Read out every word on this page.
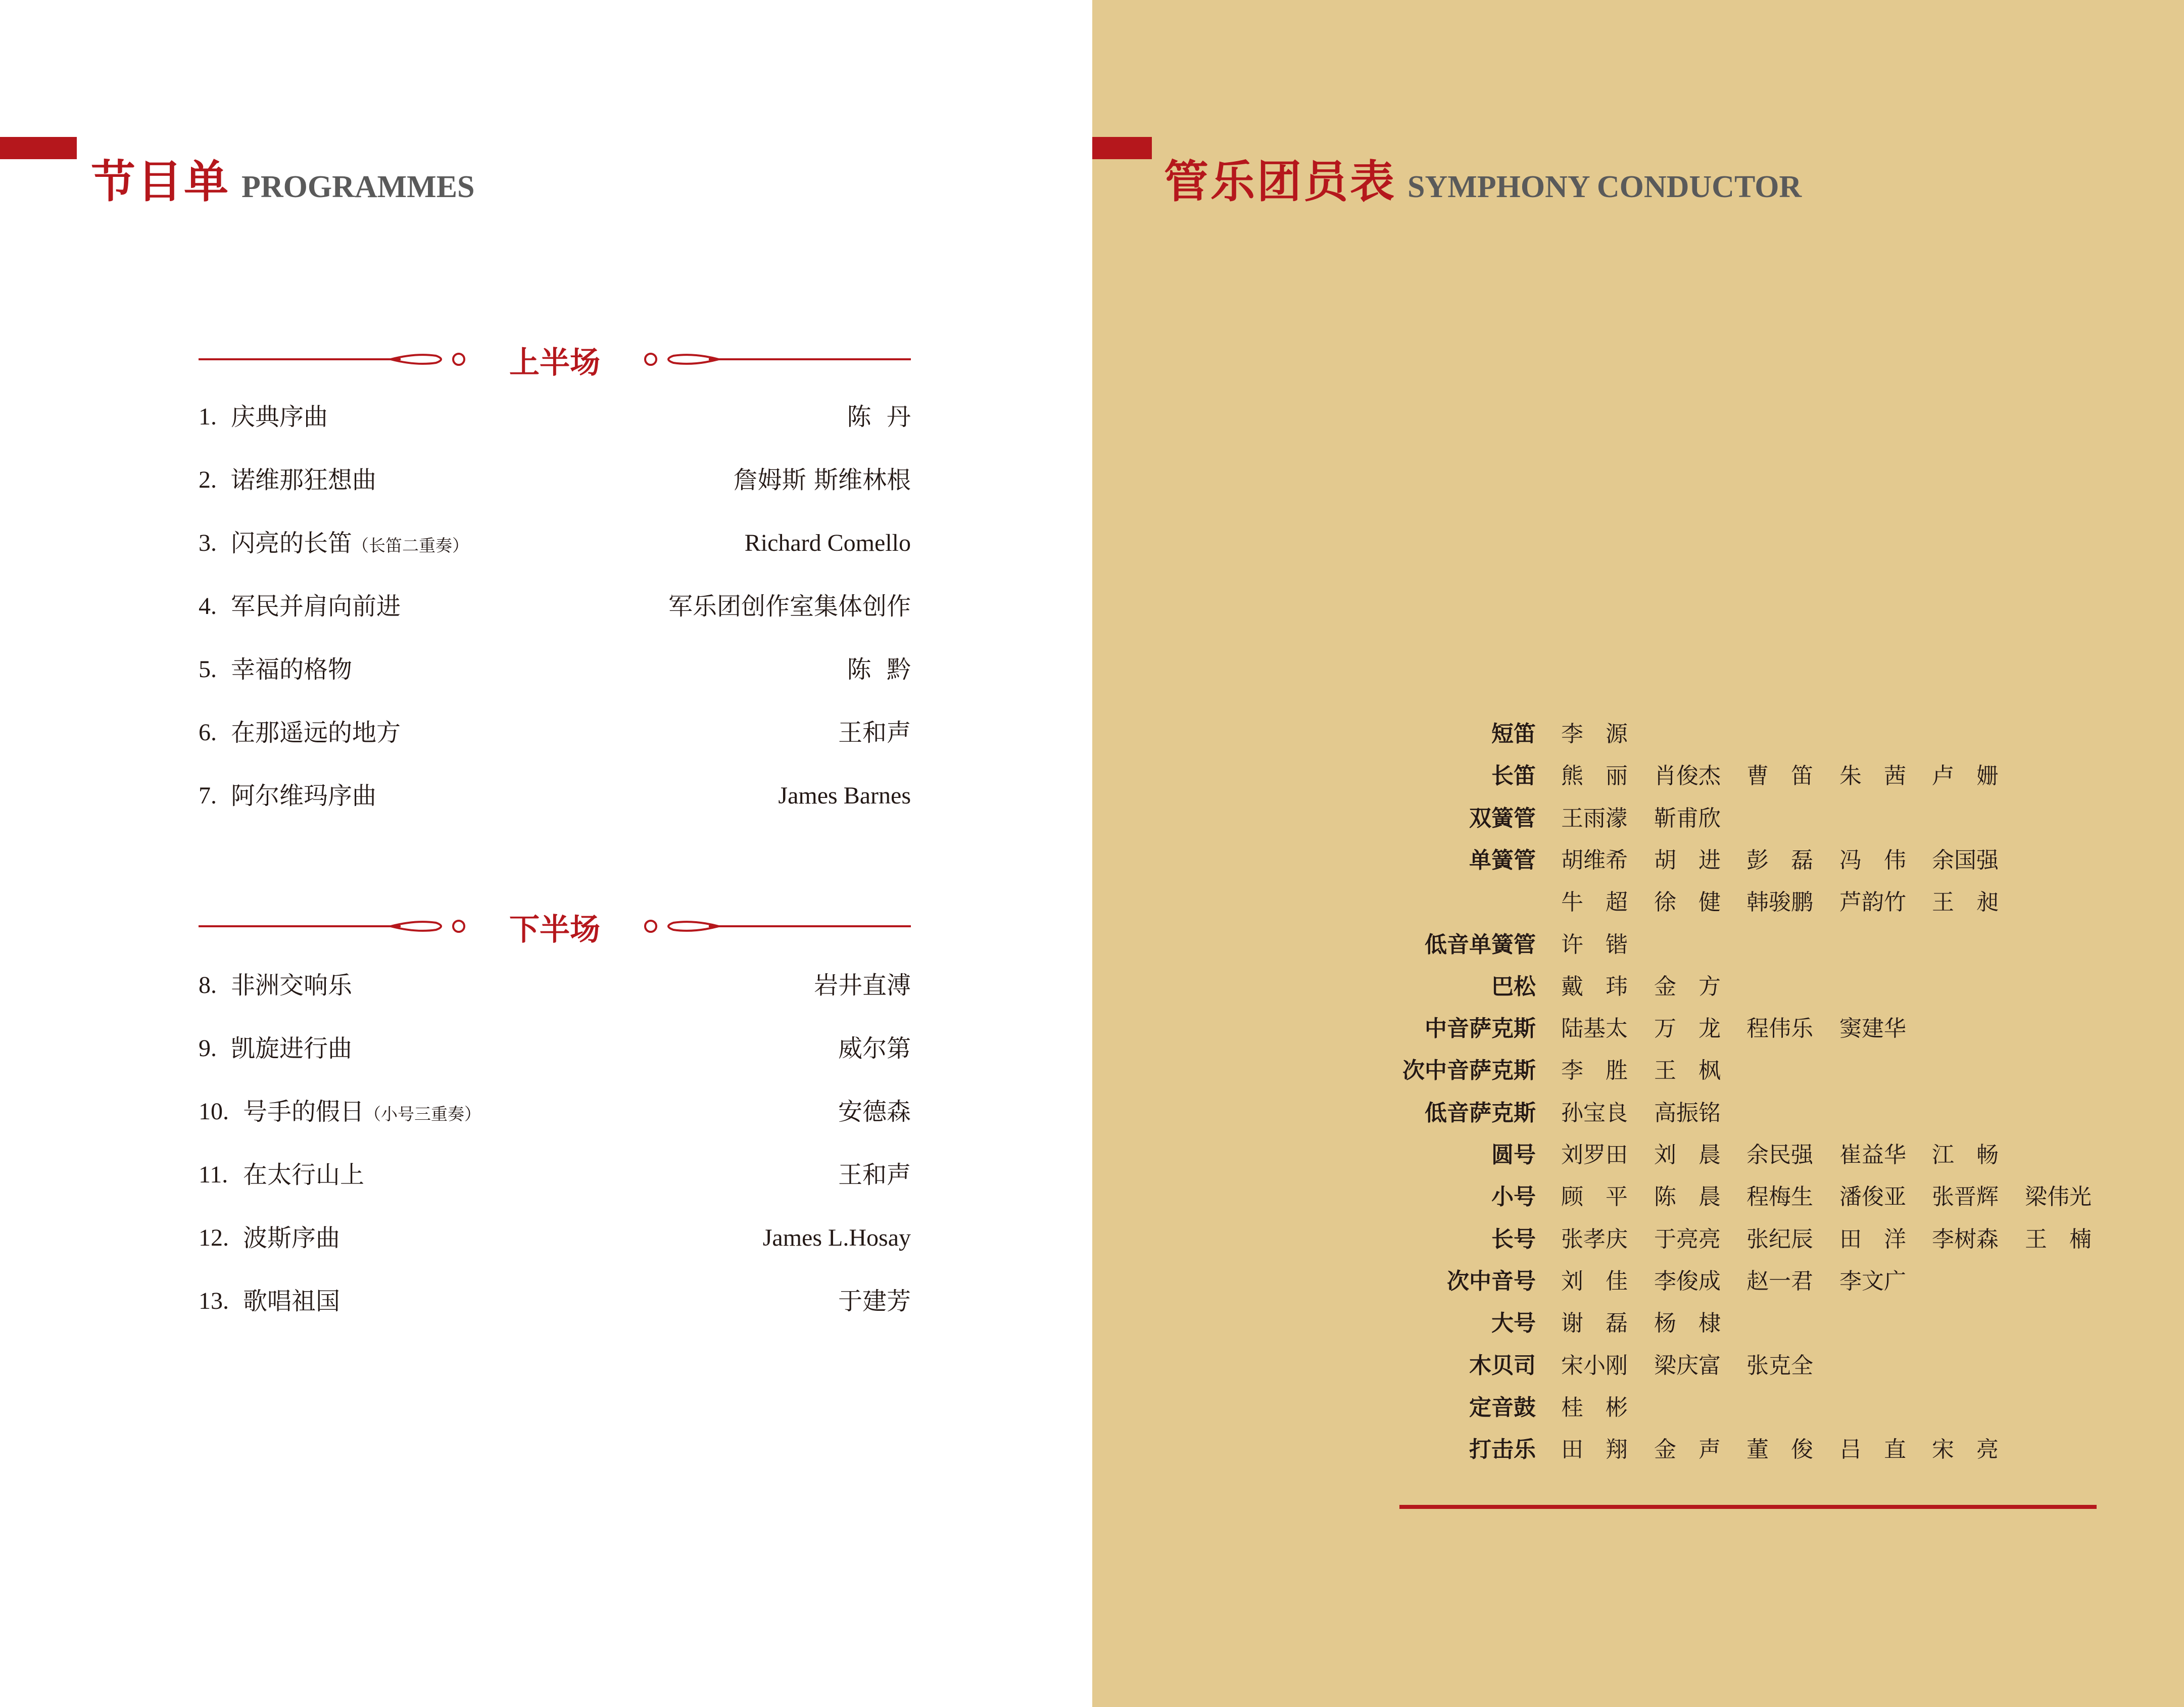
节目单 PROGRAMMES
上半场
1. 庆典序曲	陈  丹
2. 诺维那狂想曲	詹姆斯 斯维林根
3. 闪亮的长笛（长笛二重奏）	Richard Comello
4. 军民并肩向前进	军乐团创作室集体创作
5. 幸福的格物	陈  黔
6. 在那遥远的地方	王和声
7. 阿尔维玛序曲	James Barnes
下半场
8. 非洲交响乐	岩井直溥
9. 凯旋进行曲	威尔第
10. 号手的假日（小号三重奏）	安德森
11. 在太行山上	王和声
12. 波斯序曲	James L.Hosay
13. 歌唱祖国	于建芳
管乐团员表 SYMPHONY CONDUCTOR
短笛 李　源
长笛 熊　丽	肖俊杰	曹　笛	朱　茜	卢　姗
双簧管 王雨濛	靳甫欣
单簧管 胡维希	胡　进	彭　磊	冯　伟	余国强
牛　超	徐　健	韩骏鹏	芦韵竹	王　昶
低音单簧管 许　锴
巴松 戴　玮	金　方
中音萨克斯 陆基太	万　龙	程伟乐	窦建华
次中音萨克斯 李　胜	王　枫
低音萨克斯 孙宝良	高振铭
圆号 刘罗田	刘　晨	余民强	崔益华	江　畅
小号 顾　平	陈　晨	程梅生	潘俊亚	张晋辉	梁伟光
长号 张孝庆	于亮亮	张纪辰	田　洋	李树森	王　楠
次中音号 刘　佳	李俊成	赵一君	李文广
大号 谢　磊	杨　棣
木贝司 宋小刚	梁庆富	张克全
定音鼓 桂　彬
打击乐 田　翔	金　声	董　俊	吕　直	宋　亮
